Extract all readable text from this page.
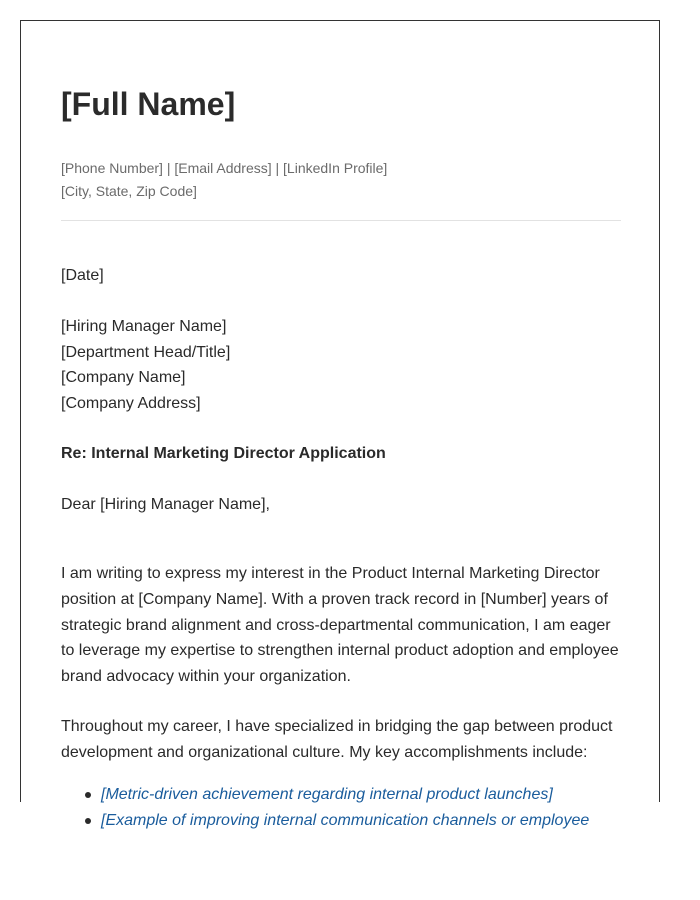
[Full Name]
[Phone Number] | [Email Address] | [LinkedIn Profile]
[City, State, Zip Code]
[Date]
[Hiring Manager Name]
[Department Head/Title]
[Company Name]
[Company Address]
Re: Internal Marketing Director Application
Dear [Hiring Manager Name],

I am writing to express my interest in the Product Internal Marketing Director position at [Company Name]. With a proven track record in [Number] years of strategic brand alignment and cross-departmental communication, I am eager to leverage my expertise to strengthen internal product adoption and employee brand advocacy within your organization.

Throughout my career, I have specialized in bridging the gap between product development and organizational culture. My key accomplishments include:

[Metric-driven achievement regarding internal product launches]
[Example of improving internal communication channels or employee
